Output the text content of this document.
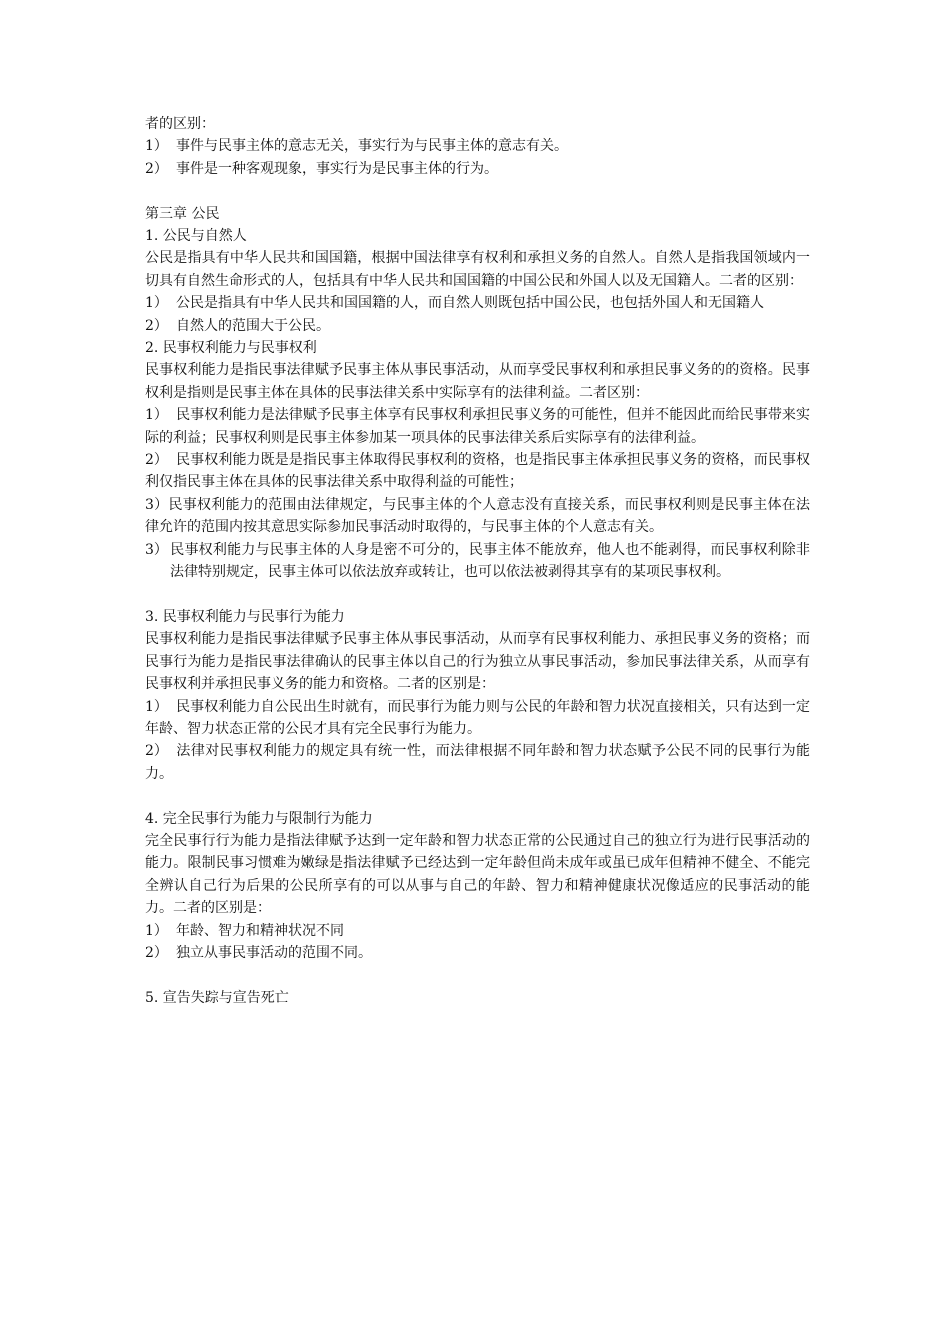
者的区别：

1） 事件与民事主体的意志无关，事实行为与民事主体的意志有关。

2） 事件是一种客观现象，事实行为是民事主体的行为。

第三章 公民

1. 公民与自然人

公民是指具有中华人民共和国国籍，根据中国法律享有权利和承担义务的自然人。自然人是指我国领域内一切具有自然生命形式的人，包括具有中华人民共和国国籍的中国公民和外国人以及无国籍人。二者的区别：

1） 公民是指具有中华人民共和国国籍的人，而自然人则既包括中国公民，也包括外国人和无国籍人

2） 自然人的范围大于公民。

2. 民事权利能力与民事权利

民事权利能力是指民事法律赋予民事主体从事民事活动，从而享受民事权利和承担民事义务的的资格。民事权利是指则是民事主体在具体的民事法律关系中实际享有的法律利益。二者区别：

1） 民事权利能力是法律赋予民事主体享有民事权利承担民事义务的可能性，但并不能因此而给民事带来实际的利益；民事权利则是民事主体参加某一项具体的民事法律关系后实际享有的法律利益。

2） 民事权利能力既是是指民事主体取得民事权利的资格，也是指民事主体承担民事义务的资格，而民事权利仅指民事主体在具体的民事法律关系中取得利益的可能性；

3）民事权利能力的范围由法律规定，与民事主体的个人意志没有直接关系，而民事权利则是民事主体在法律允许的范围内按其意思实际参加民事活动时取得的，与民事主体的个人意志有关。

3） 民事权利能力与民事主体的人身是密不可分的，民事主体不能放弃，他人也不能剥得，而民事权利除非法律特别规定，民事主体可以依法放弃或转让，也可以依法被剥得其享有的某项民事权利。

3. 民事权利能力与民事行为能力

民事权利能力是指民事法律赋予民事主体从事民事活动，从而享有民事权利能力、承担民事义务的资格；而民事行为能力是指民事法律确认的民事主体以自己的行为独立从事民事活动，参加民事法律关系，从而享有民事权利并承担民事义务的能力和资格。二者的区别是：

1） 民事权利能力自公民出生时就有，而民事行为能力则与公民的年龄和智力状况直接相关，只有达到一定年龄、智力状态正常的公民才具有完全民事行为能力。

2） 法律对民事权利能力的规定具有统一性，而法律根据不同年龄和智力状态赋予公民不同的民事行为能力。

4. 完全民事行为能力与限制行为能力

完全民事行行为能力是指法律赋予达到一定年龄和智力状态正常的公民通过自己的独立行为进行民事活动的能力。限制民事习惯难为嫩绿是指法律赋予已经达到一定年龄但尚未成年或虽已成年但精神不健全、不能完全辨认自己行为后果的公民所享有的可以从事与自己的年龄、智力和精神健康状况像适应的民事活动的能力。二者的区别是：

1） 年龄、智力和精神状况不同

2） 独立从事民事活动的范围不同。

5. 宣告失踪与宣告死亡
